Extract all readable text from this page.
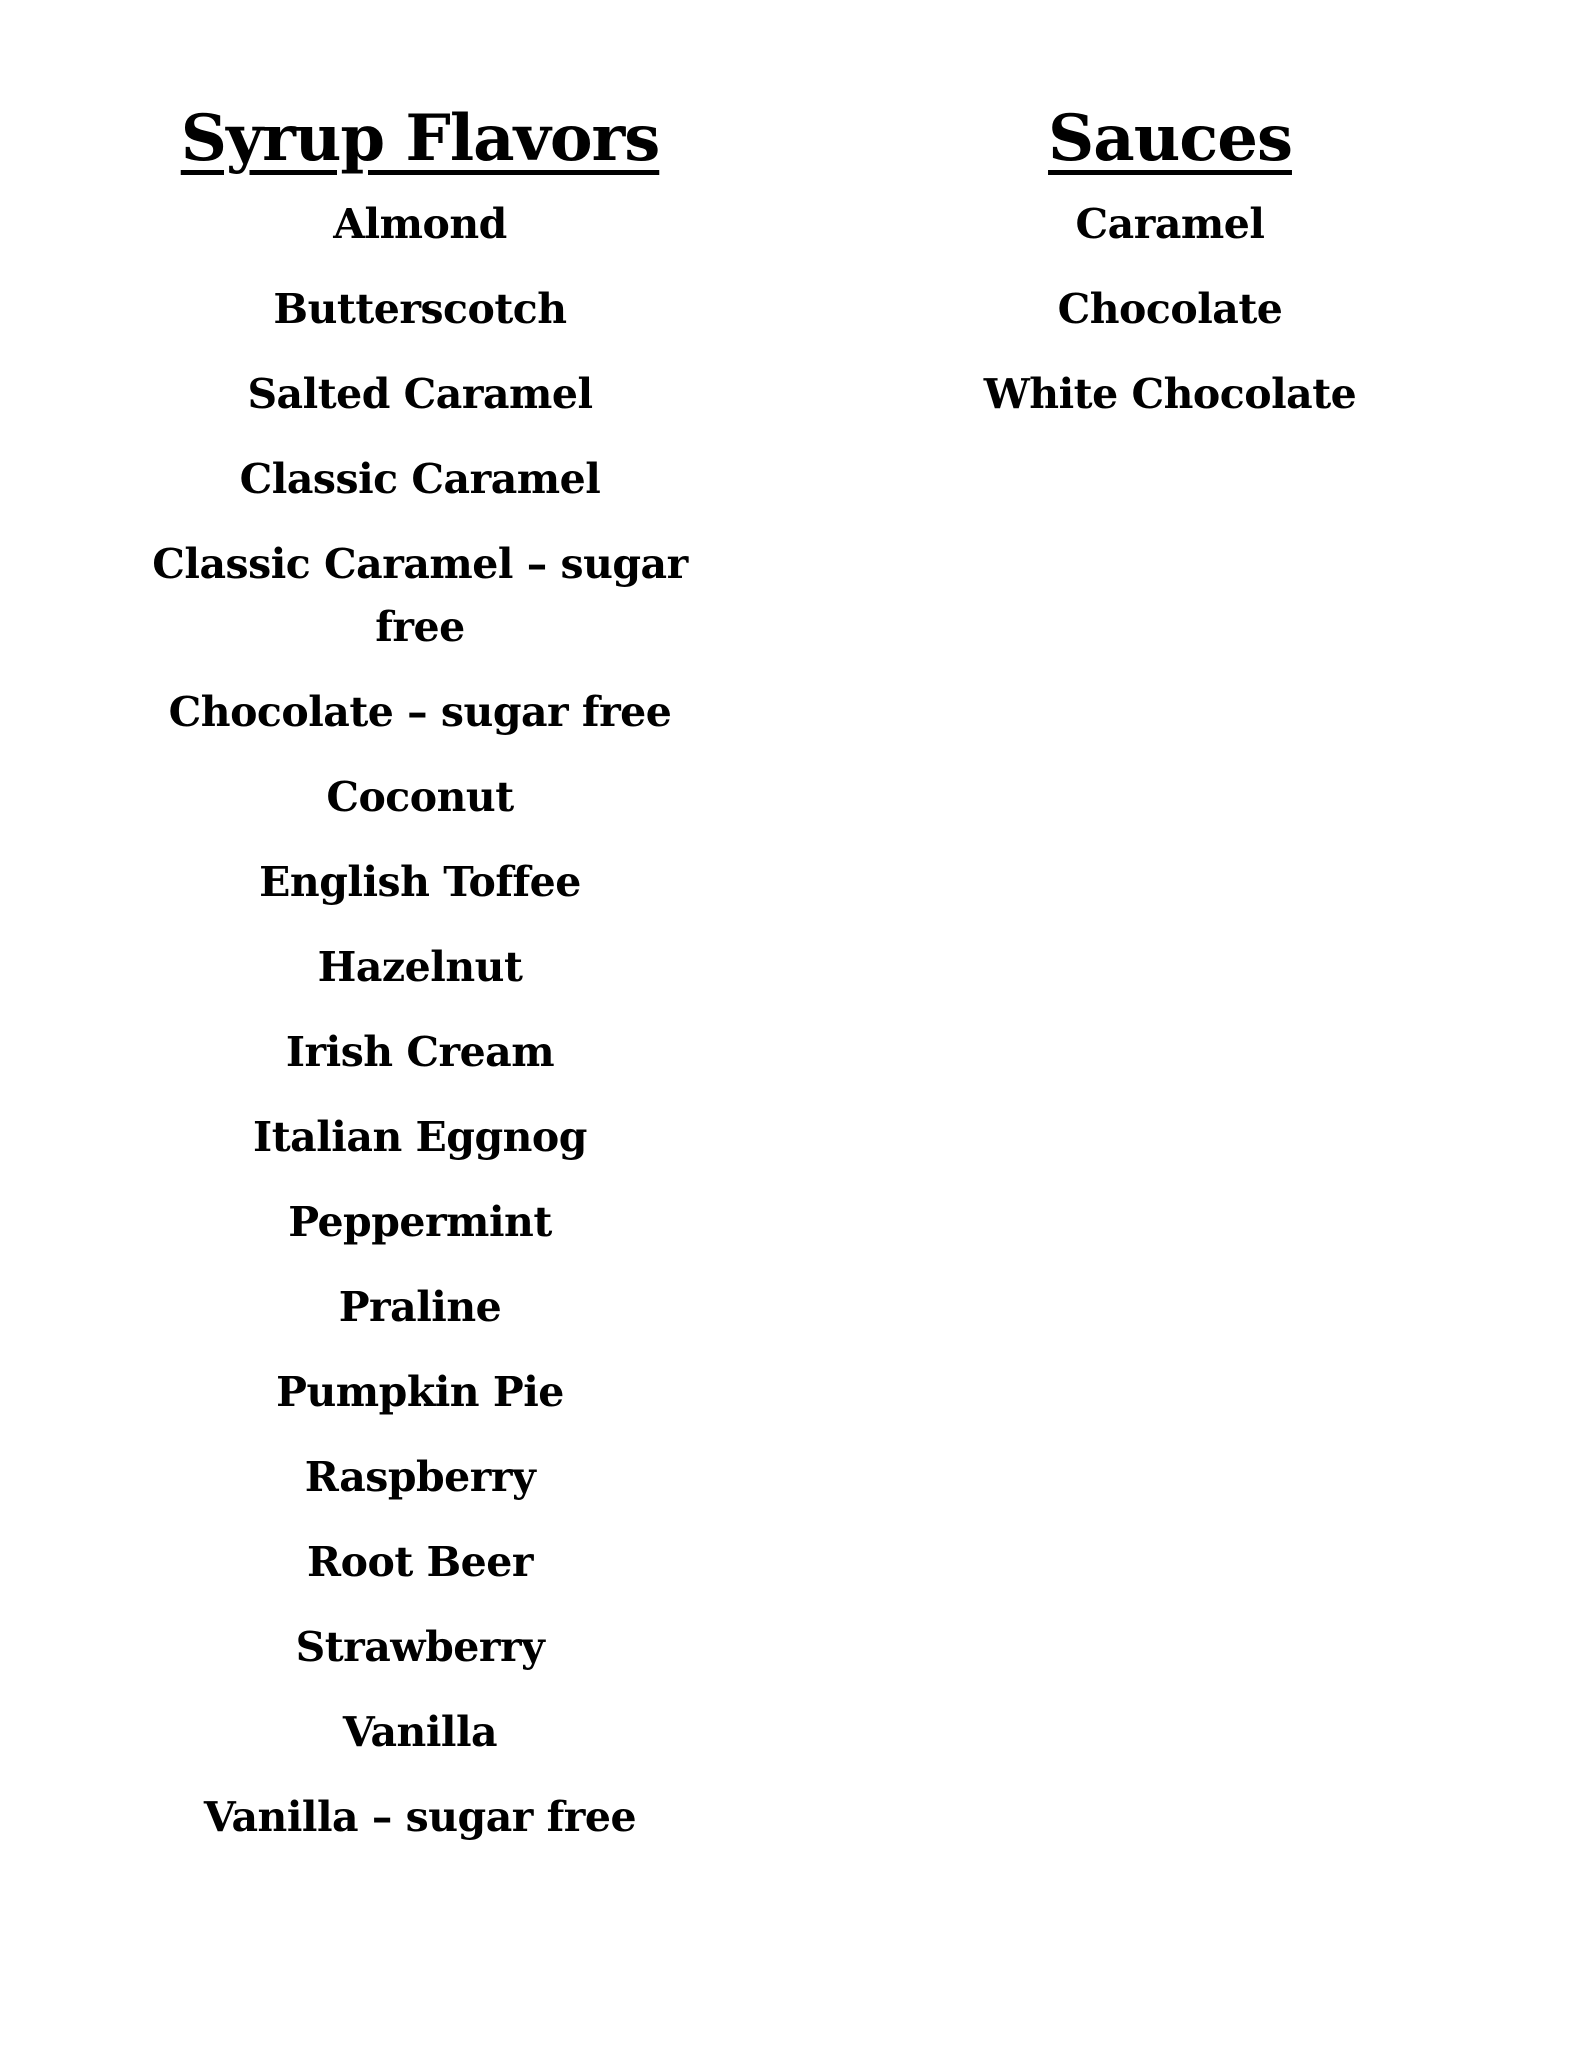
Syrup Flavors
Almond
Butterscotch
Salted Caramel
Classic Caramel
Classic Caramel – sugar free
Chocolate – sugar free
Coconut
English Toffee
Hazelnut
Irish Cream
Italian Eggnog
Peppermint
Praline
Pumpkin Pie
Raspberry
Root Beer
Strawberry
Vanilla
Vanilla – sugar free
Sauces
Caramel
Chocolate
White Chocolate
